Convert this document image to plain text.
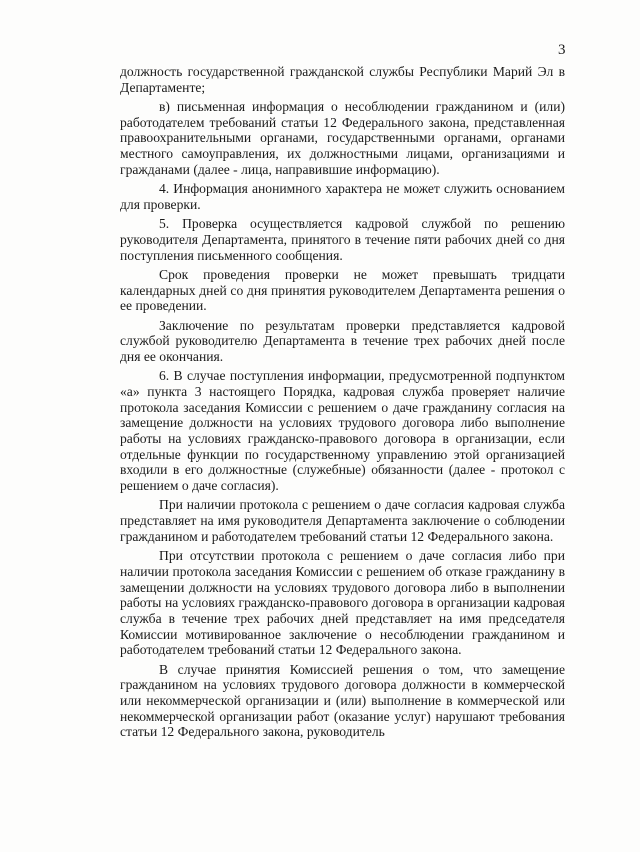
3

должность государственной гражданской службы Республики Марий Эл в Департаменте;

в) письменная информация о несоблюдении гражданином и (или) работодателем требований статьи 12 Федерального закона, представленная правоохранительными органами, государственными органами, органами местного самоуправления, их должностными лицами, организациями и гражданами (далее - лица, направившие информацию).

4. Информация анонимного характера не может служить основанием для проверки.

5. Проверка осуществляется кадровой службой по решению руководителя Департамента, принятого в течение пяти рабочих дней со дня поступления письменного сообщения.

Срок проведения проверки не может превышать тридцати календарных дней со дня принятия руководителем Департамента решения о ее проведении.

Заключение по результатам проверки представляется кадровой службой руководителю Департамента в течение трех рабочих дней после дня ее окончания.

6. В случае поступления информации, предусмотренной подпунктом «а» пункта 3 настоящего Порядка, кадровая служба проверяет наличие протокола заседания Комиссии с решением о даче гражданину согласия на замещение должности на условиях трудового договора либо выполнение работы на условиях гражданско-правового договора в организации, если отдельные функции по государственному управлению этой организацией входили в его должностные (служебные) обязанности (далее - протокол с решением о даче согласия).

При наличии протокола с решением о даче согласия кадровая служба представляет на имя руководителя Департамента заключение о соблюдении гражданином и работодателем требований статьи 12 Федерального закона.

При отсутствии протокола с решением о даче согласия либо при наличии протокола заседания Комиссии с решением об отказе гражданину в замещении должности на условиях трудового договора либо в выполнении работы на условиях гражданско-правового договора в организации кадровая служба в течение трех рабочих дней представляет на имя председателя Комиссии мотивированное заключение о несоблюдении гражданином и работодателем требований статьи 12 Федерального закона.

В случае принятия Комиссией решения о том, что замещение гражданином на условиях трудового договора должности в коммерческой или некоммерческой организации и (или) выполнение в коммерческой или некоммерческой организации работ (оказание услуг) нарушают требования статьи 12 Федерального закона, руководитель
